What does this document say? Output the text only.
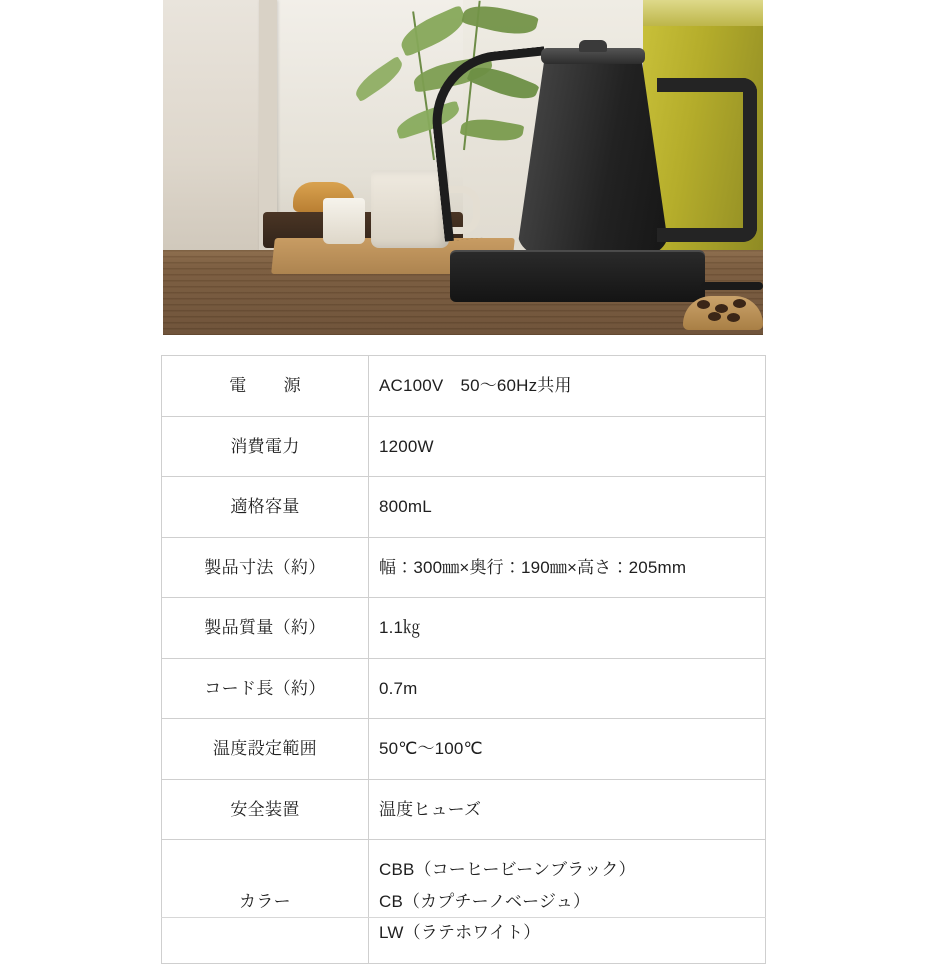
電　源	AC100V　50〜60Hz共用

消費電力	1200W

適格容量	800mL

製品寸法（約）	幅：300㎜×奥行：190㎜×高さ：205mm

製品質量（約）	1.1㎏

コード長（約）	0.7m

温度設定範囲	50℃〜100℃

安全装置	温度ヒューズ

カラー	CBB（コーヒービーンブラック）
CB（カプチーノベージュ）
LW（ラテホワイト）
